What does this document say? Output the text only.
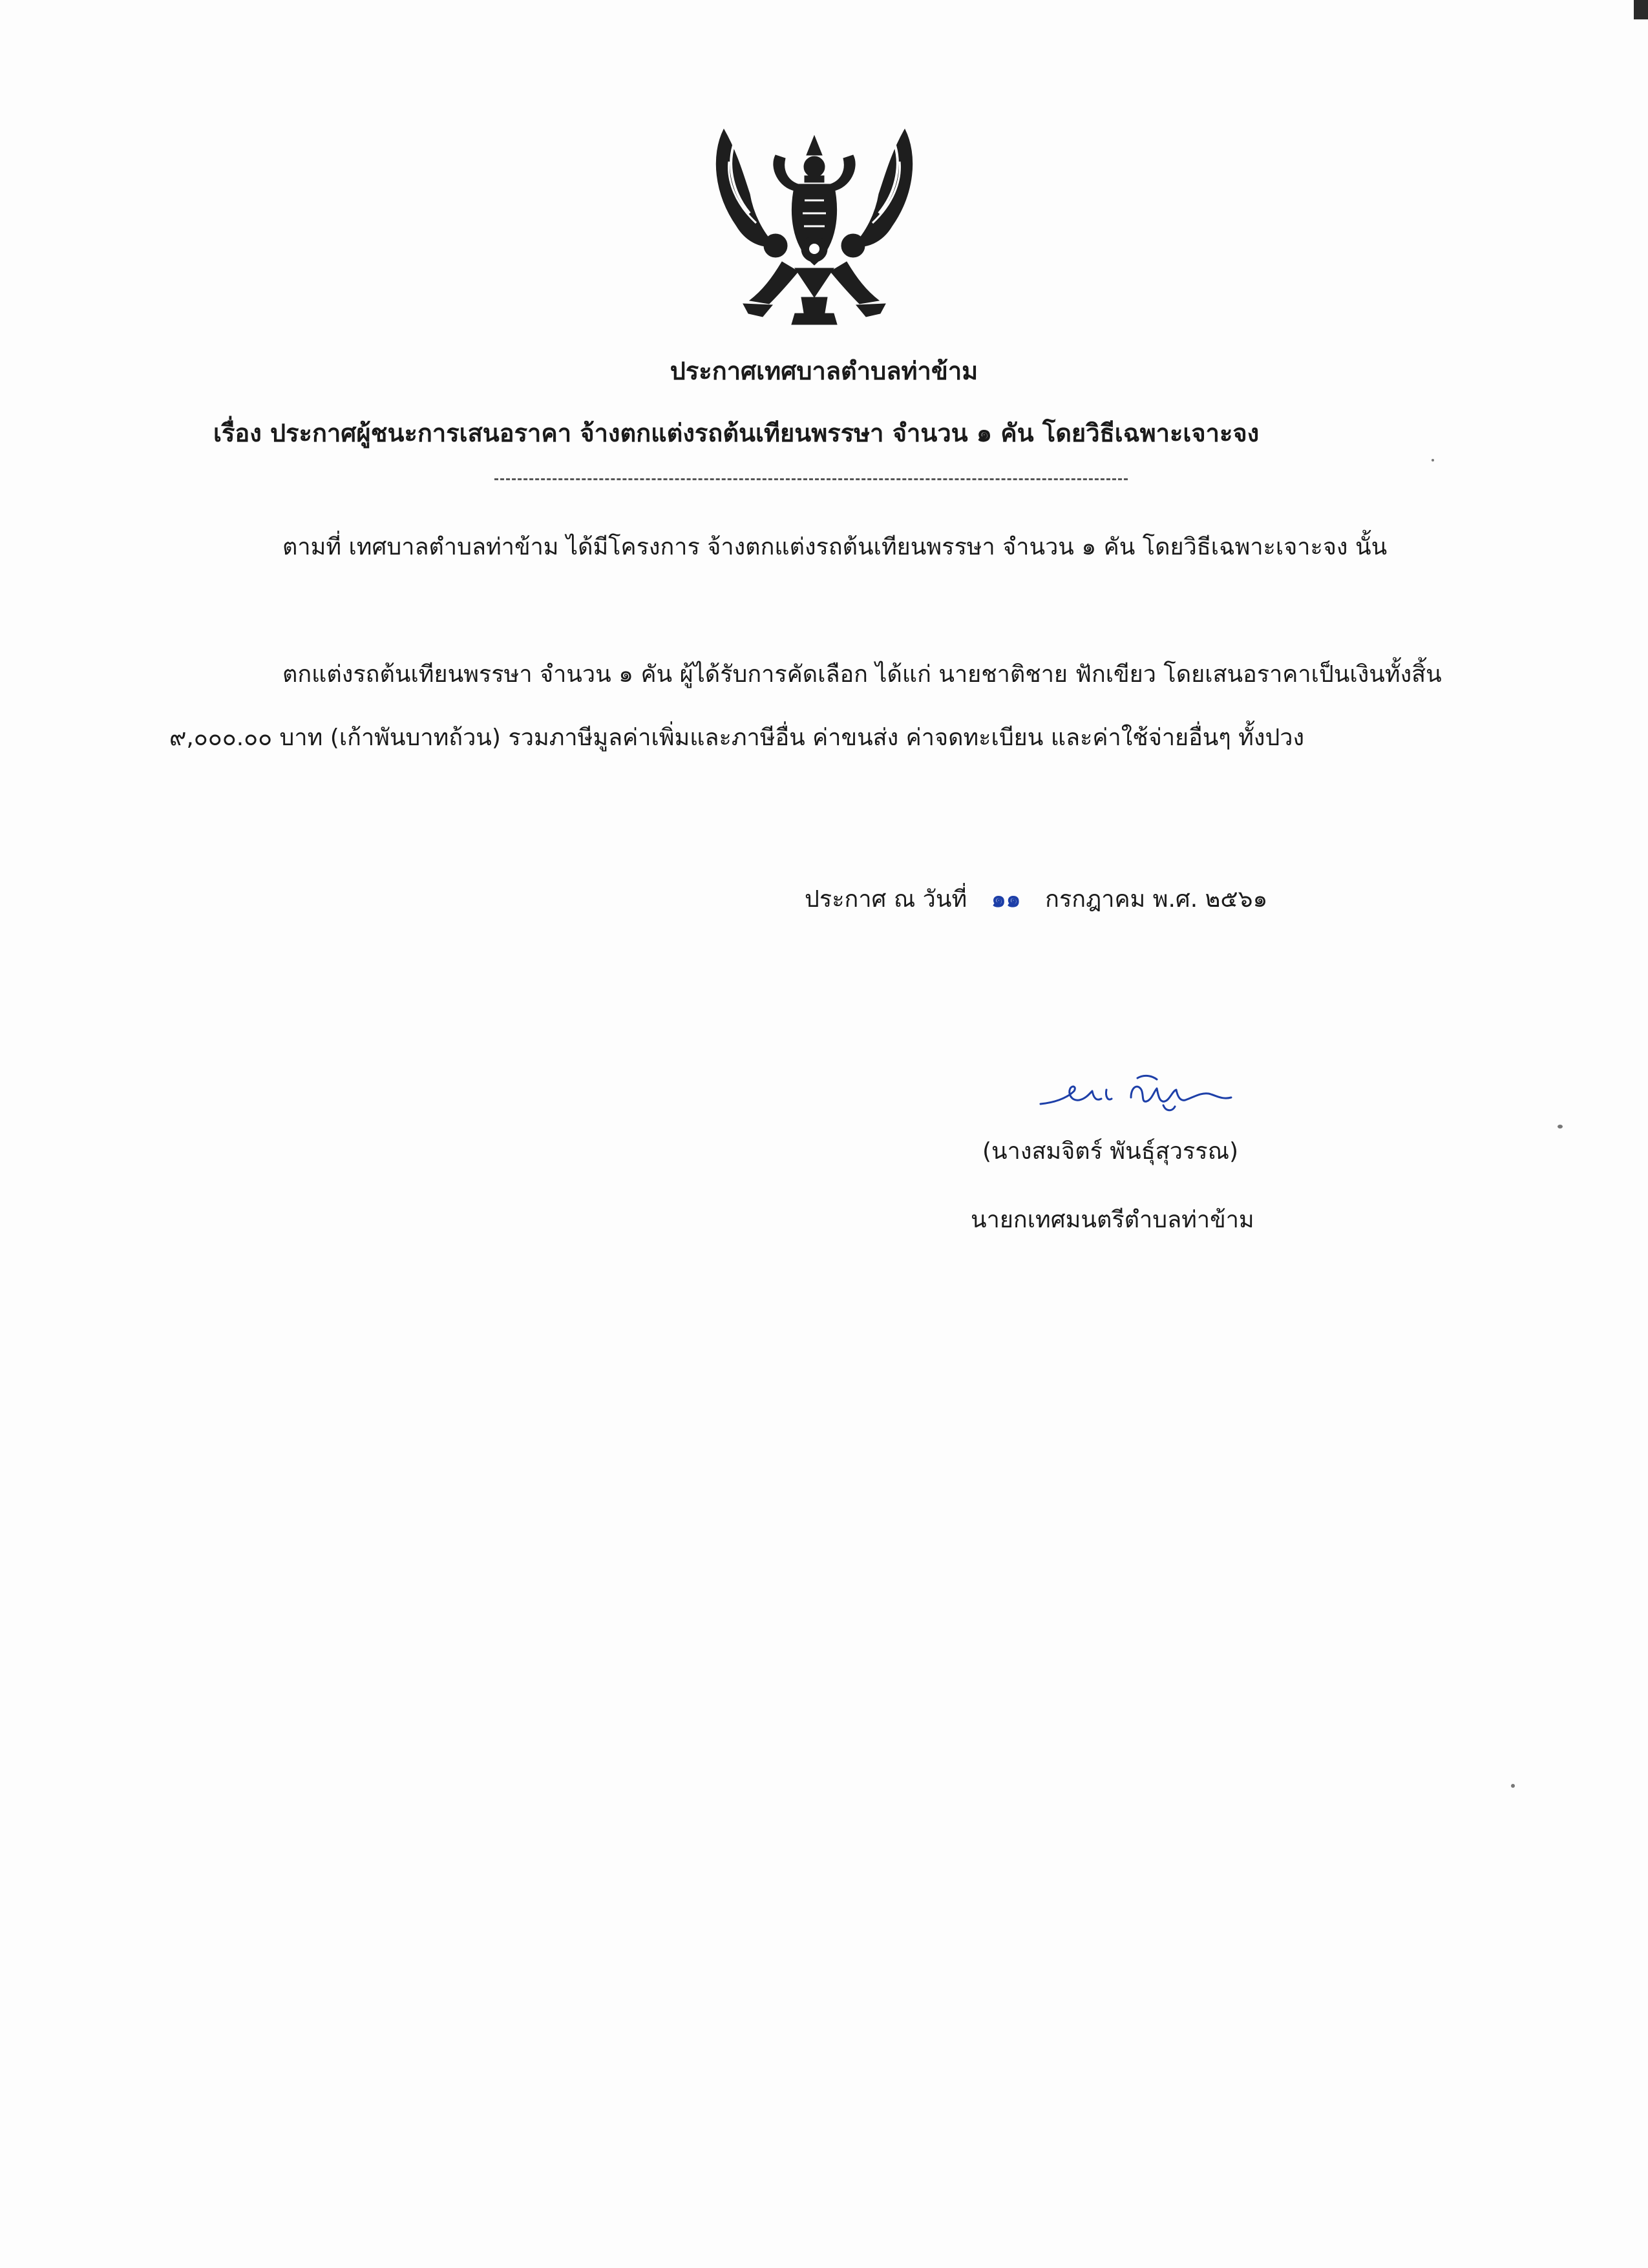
ประกาศเทศบาลตำบลท่าข้าม
เรื่อง ประกาศผู้ชนะการเสนอราคา จ้างตกแต่งรถต้นเทียนพรรษา จำนวน ๑ คัน โดยวิธีเฉพาะเจาะจง
ตามที่ เทศบาลตำบลท่าข้าม ได้มีโครงการ จ้างตกแต่งรถต้นเทียนพรรษา จำนวน ๑ คัน โดยวิธีเฉพาะเจาะจง นั้น
ตกแต่งรถต้นเทียนพรรษา จำนวน ๑ คัน ผู้ได้รับการคัดเลือก ได้แก่ นายชาติชาย ฟักเขียว โดยเสนอราคาเป็นเงินทั้งสิ้น ๙,๐๐๐.๐๐ บาท (เก้าพันบาทถ้วน) รวมภาษีมูลค่าเพิ่มและภาษีอื่น ค่าขนส่ง ค่าจดทะเบียน และค่าใช้จ่ายอื่นๆ ทั้งปวง
ประกาศ ณ วันที่ ๑๑ กรกฎาคม พ.ศ. ๒๕๖๑
(นางสมจิตร์ พันธุ์สุวรรณ)
นายกเทศมนตรีตำบลท่าข้าม
